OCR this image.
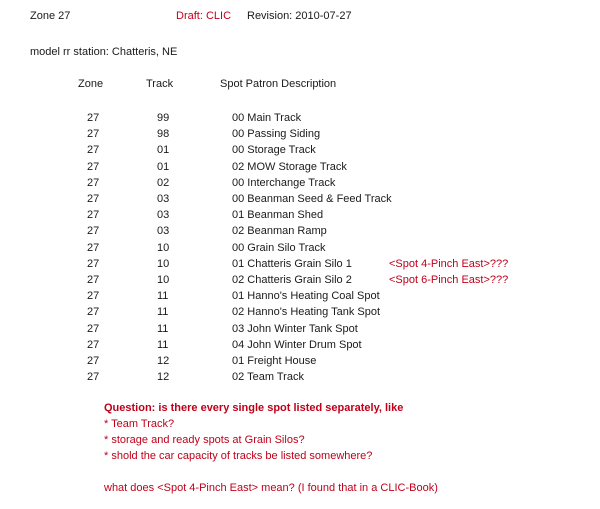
Zone 27	Draft: CLIC Revision: 2010-07-27
model rr station: Chatteris, NE
Zone	Track	Spot Patron Description
27	99	00 Main Track
27	98	00 Passing Siding
27	01	00 Storage Track
27	01	02 MOW Storage Track
27	02	00 Interchange Track
27	03	00 Beanman Seed & Feed Track
27	03	01 Beanman Shed
27	03	02 Beanman Ramp
27	10	00 Grain Silo Track
27	10	01 Chatteris Grain Silo 1	<Spot 4-Pinch East>???
27	10	02 Chatteris Grain Silo 2	<Spot 6-Pinch East>???
27	11	01 Hanno's Heating Coal Spot
27	11	02 Hanno's Heating Tank Spot
27	11	03 John Winter Tank Spot
27	11	04 John Winter Drum Spot
27	12	01 Freight House
27	12	02 Team Track
Question: is there every single spot listed separately, like
* Team Track?
* storage and ready spots at Grain Silos?
* shold the car capacity of tracks be listed somewhere?
what does <Spot 4-Pinch East> mean? (I found that in a CLIC-Book)
